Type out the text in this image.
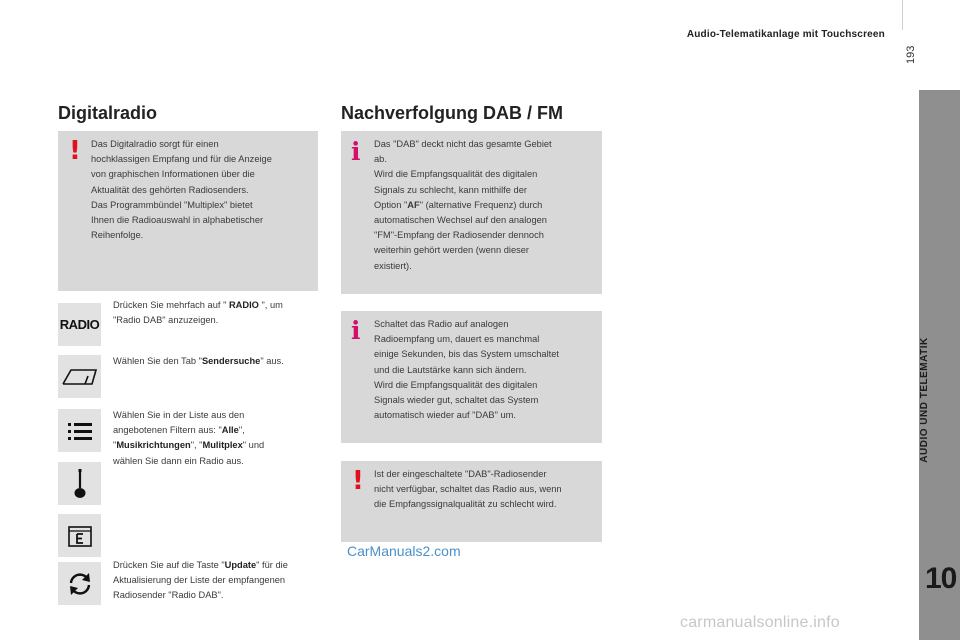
Audio-Telematikanlage mit Touchscreen
193
AUDIO UND TELEMATIK
10
Digitalradio	Nachverfolgung DAB / FM
! Das Digitalradio sorgt für einen
hochklassigen Empfang und für die Anzeige
von graphischen Informationen über die
Aktualität des gehörten Radiosenders.
Das Programmbündel "Multiplex" bietet
Ihnen die Radioauswahl in alphabetischer
Reihenfolge.
RADIO
Drücken Sie mehrfach auf " RADIO ", um
"Radio DAB" anzuzeigen.
Wählen Sie den Tab "Sendersuche" aus.
Wählen Sie in der Liste aus den
angebotenen Filtern aus: "Alle",
"Musikrichtungen", "Mulitplex" und
wählen Sie dann ein Radio aus.
Drücken Sie auf die Taste "Update" für die
Aktualisierung der Liste der empfangenen
Radiosender "Radio DAB".
i Das "DAB" deckt nicht das gesamte Gebiet
ab.
Wird die Empfangsqualität des digitalen
Signals zu schlecht, kann mithilfe der
Option "AF" (alternative Frequenz) durch
automatischen Wechsel auf den analogen
"FM"-Empfang der Radiosender dennoch
weiterhin gehört werden (wenn dieser
existiert).
i Schaltet das Radio auf analogen
Radioempfang um, dauert es manchmal
einige Sekunden, bis das System umschaltet
und die Lautstärke kann sich ändern.
Wird die Empfangsqualität des digitalen
Signals wieder gut, schaltet das System
automatisch wieder auf "DAB" um.
! Ist der eingeschaltete "DAB"-Radiosender
nicht verfügbar, schaltet das Radio aus, wenn
die Empfangssignalqualität zu schlecht wird.
CarManuals2.com
carmanualsonline.info
